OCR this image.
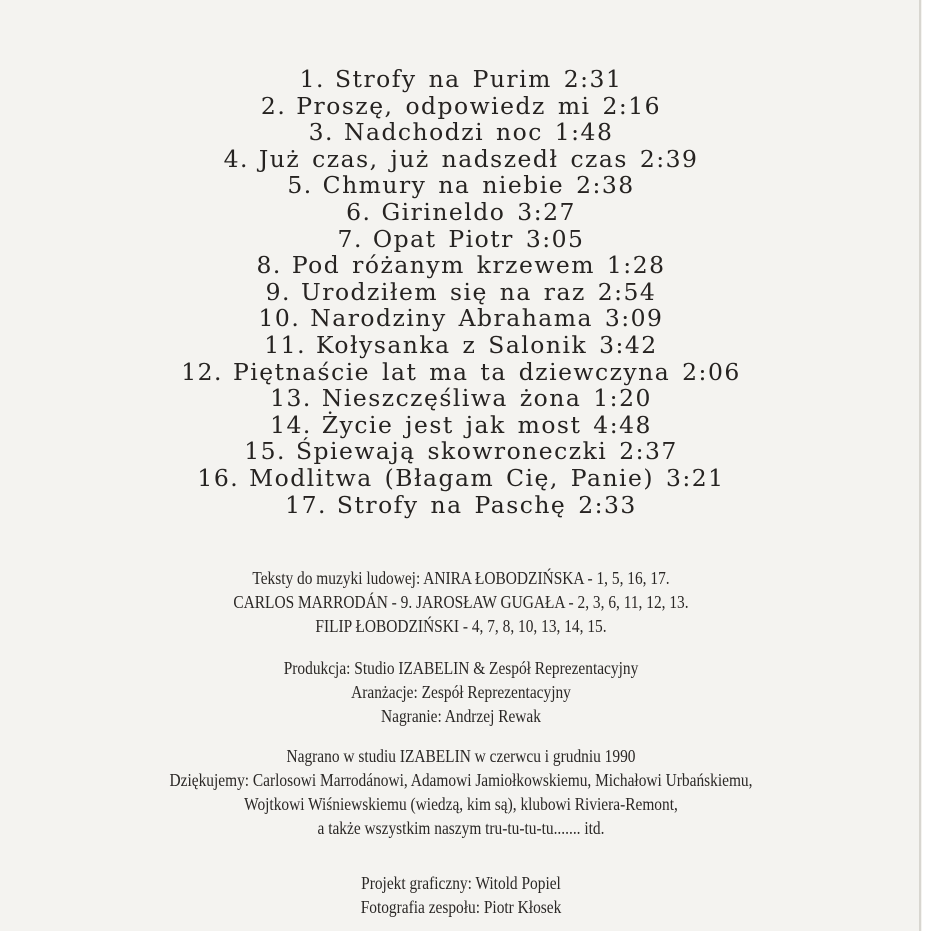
1. Strofy na Purim 2:31
2. Proszę, odpowiedz mi 2:16
3. Nadchodzi noc 1:48
4. Już czas, już nadszedł czas 2:39
5. Chmury na niebie 2:38
6. Girineldo 3:27
7. Opat Piotr 3:05
8. Pod różanym krzewem 1:28
9. Urodziłem się na raz 2:54
10. Narodziny Abrahama 3:09
11. Kołysanka z Salonik 3:42
12. Piętnaście lat ma ta dziewczyna 2:06
13. Nieszczęśliwa żona 1:20
14. Życie jest jak most 4:48
15. Śpiewają skowroneczki 2:37
16. Modlitwa (Błagam Cię, Panie) 3:21
17. Strofy na Paschę 2:33

Teksty do muzyki ludowej: ANIRA ŁOBODZIŃSKA - 1, 5, 16, 17.

CARLOS MARRODÁN - 9. JAROSŁAW GUGAŁA - 2, 3, 6, 11, 12, 13.

FILIP ŁOBODZIŃSKI - 4, 7, 8, 10, 13, 14, 15.

Produkcja: Studio IZABELIN & Zespół Reprezentacyjny

Aranżacje: Zespół Reprezentacyjny

Nagranie: Andrzej Rewak

Nagrano w studiu IZABELIN w czerwcu i grudniu 1990

Dziękujemy: Carlosowi Marrodánowi, Adamowi Jamiołkowskiemu, Michałowi Urbańskiemu,

Wojtkowi Wiśniewskiemu (wiedzą, kim są), klubowi Riviera-Remont,

a także wszystkim naszym tru-tu-tu-tu....... itd.

Projekt graficzny: Witold Popiel

Fotografia zespołu: Piotr Kłosek
